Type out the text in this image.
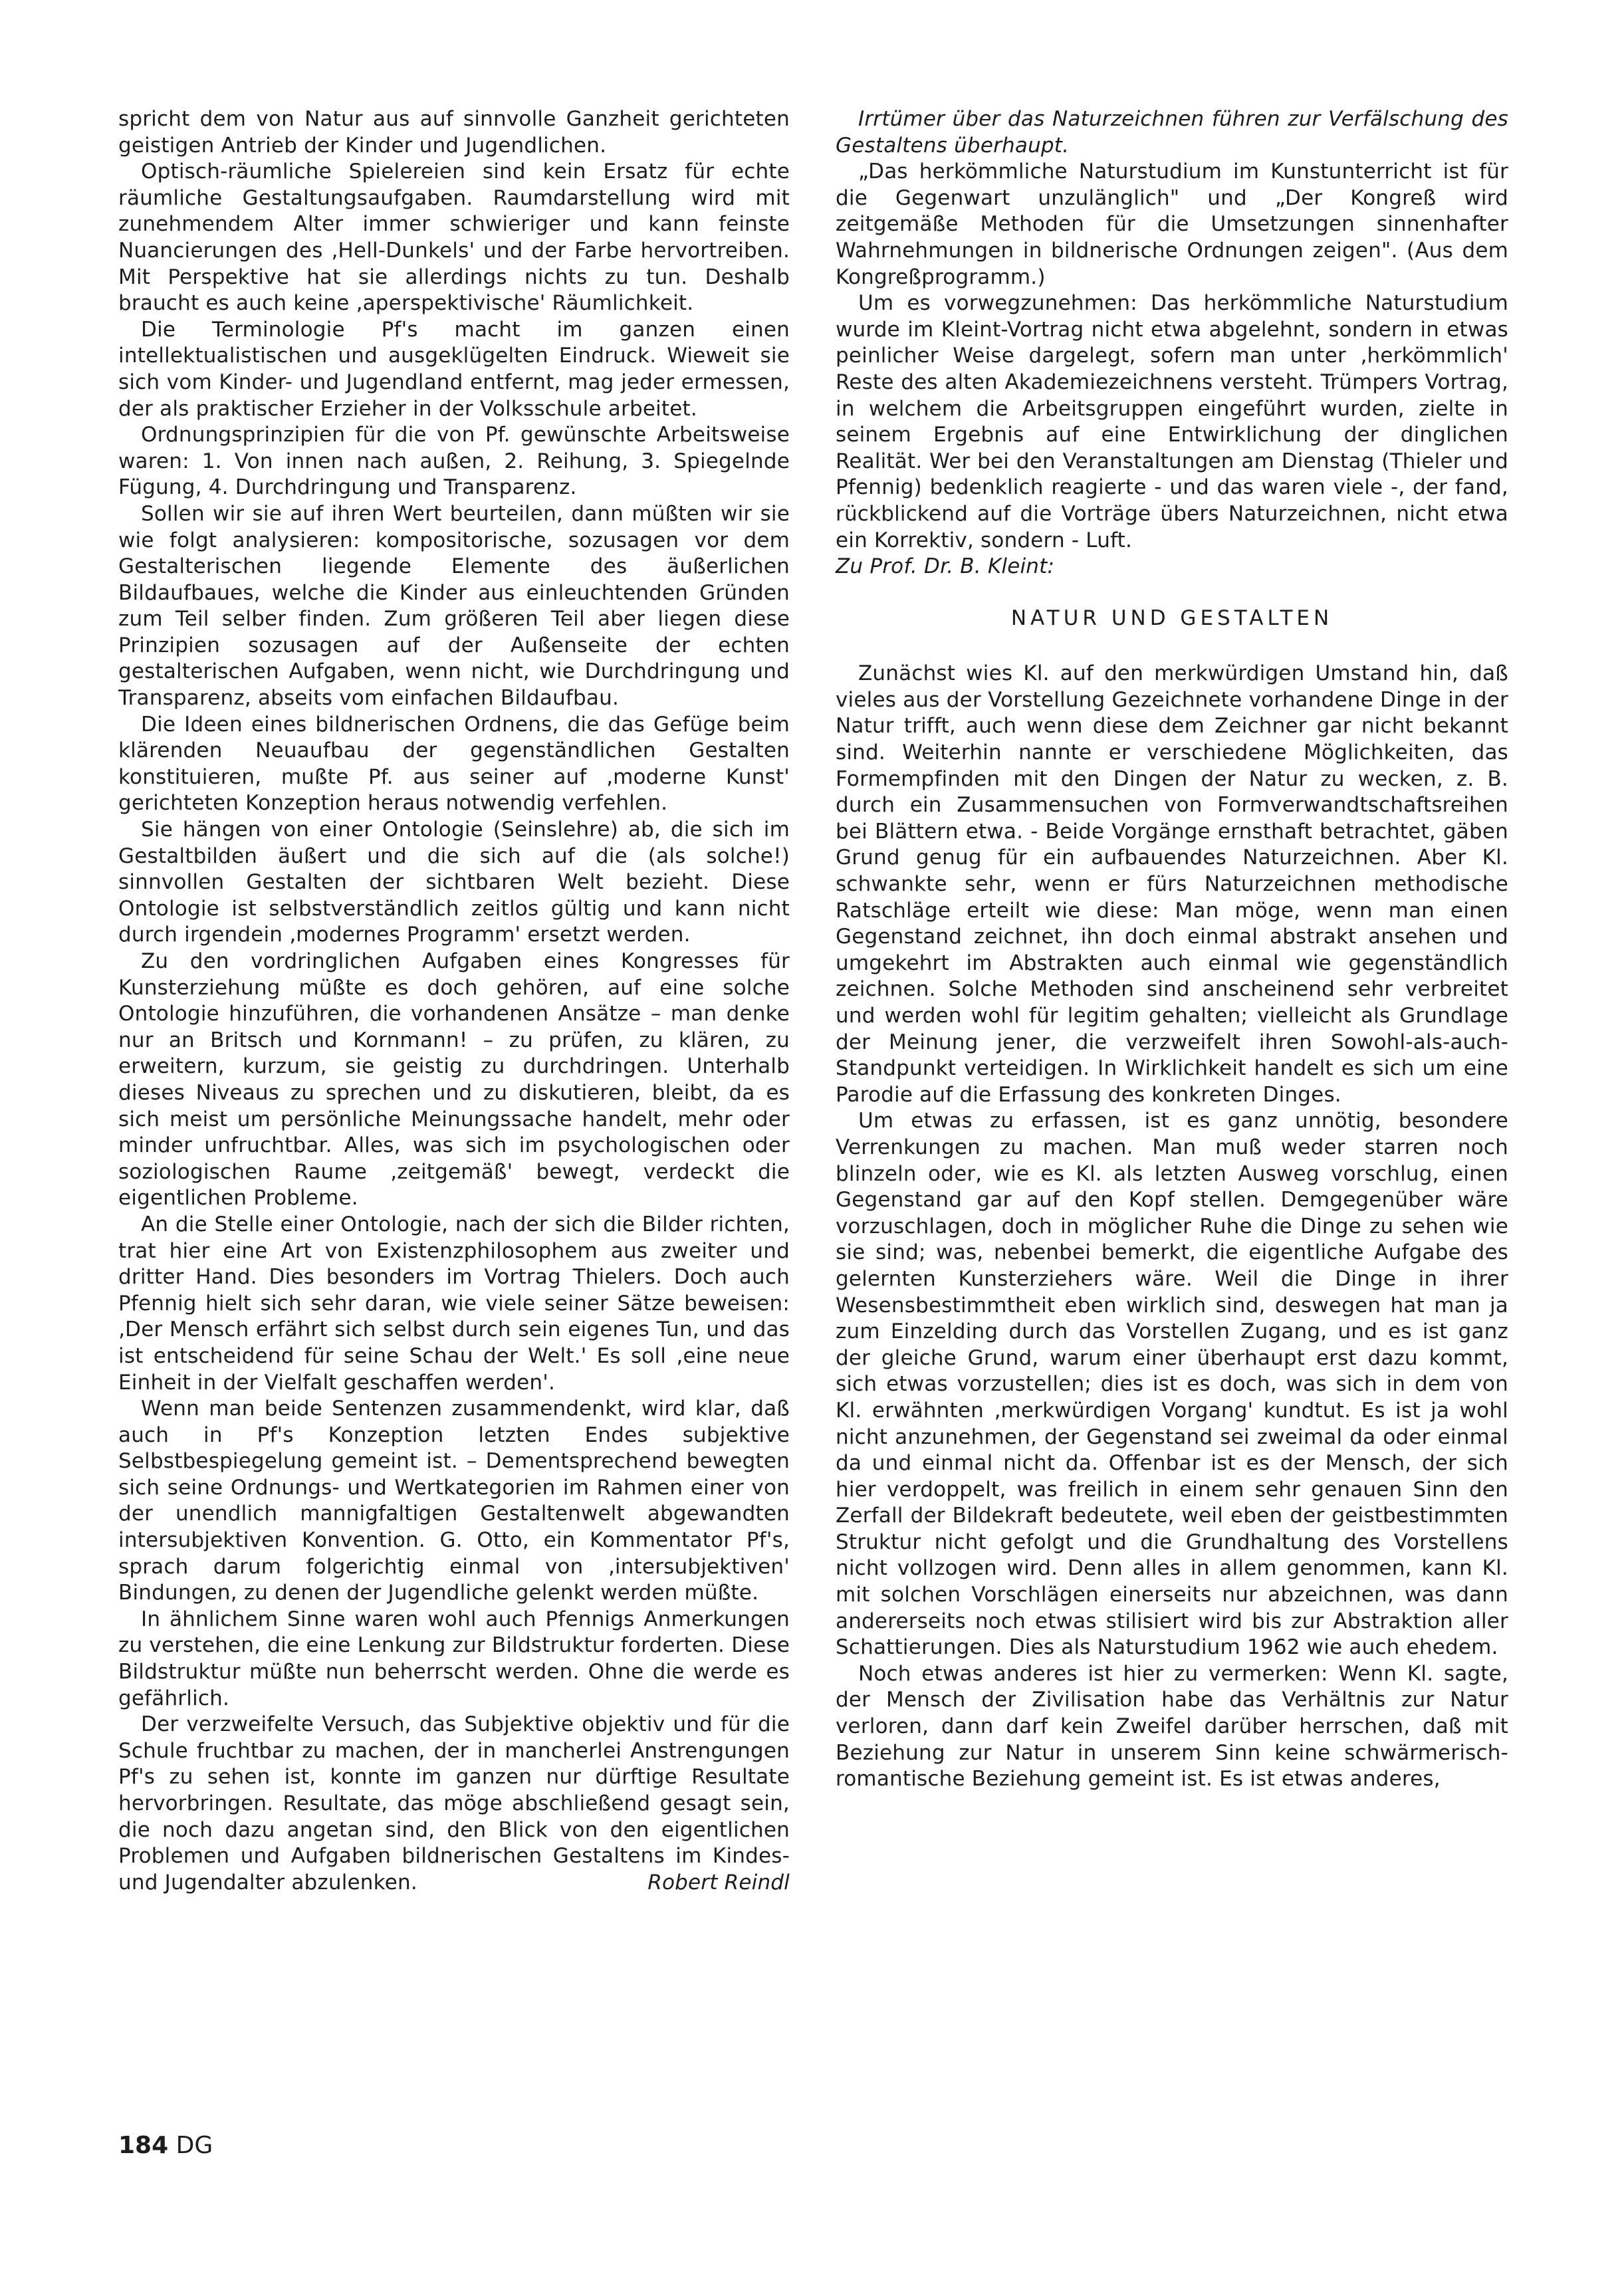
spricht dem von Natur aus auf sinnvolle Ganzheit gerichteten geistigen Antrieb der Kinder und Jugendlichen.

Optisch-räumliche Spielereien sind kein Ersatz für echte räumliche Gestaltungsaufgaben. Raumdarstellung wird mit zunehmendem Alter immer schwieriger und kann feinste Nuancierungen des ‚Hell-Dunkels' und der Farbe hervortreiben. Mit Perspektive hat sie allerdings nichts zu tun. Deshalb braucht es auch keine ‚aperspektivische' Räumlichkeit.

Die Terminologie Pf's macht im ganzen einen intellektualistischen und ausgeklügelten Eindruck. Wieweit sie sich vom Kinder- und Jugendland entfernt, mag jeder ermessen, der als praktischer Erzieher in der Volksschule arbeitet.

Ordnungsprinzipien für die von Pf. gewünschte Arbeitsweise waren: 1. Von innen nach außen, 2. Reihung, 3. Spiegelnde Fügung, 4. Durchdringung und Transparenz.

Sollen wir sie auf ihren Wert beurteilen, dann müßten wir sie wie folgt analysieren: kompositorische, sozusagen vor dem Gestalterischen liegende Elemente des äußerlichen Bildaufbaues, welche die Kinder aus einleuchtenden Gründen zum Teil selber finden. Zum größeren Teil aber liegen diese Prinzipien sozusagen auf der Außenseite der echten gestalterischen Aufgaben, wenn nicht, wie Durchdringung und Transparenz, abseits vom einfachen Bildaufbau.

Die Ideen eines bildnerischen Ordnens, die das Gefüge beim klärenden Neuaufbau der gegenständlichen Gestalten konstituieren, mußte Pf. aus seiner auf ‚moderne Kunst' gerichteten Konzeption heraus notwendig verfehlen.

Sie hängen von einer Ontologie (Seinslehre) ab, die sich im Gestaltbilden äußert und die sich auf die (als solche!) sinnvollen Gestalten der sichtbaren Welt bezieht. Diese Ontologie ist selbstverständlich zeitlos gültig und kann nicht durch irgendein ‚modernes Programm' ersetzt werden.

Zu den vordringlichen Aufgaben eines Kongresses für Kunsterziehung müßte es doch gehören, auf eine solche Ontologie hinzuführen, die vorhandenen Ansätze – man denke nur an Britsch und Kornmann! – zu prüfen, zu klären, zu erweitern, kurzum, sie geistig zu durchdringen. Unterhalb dieses Niveaus zu sprechen und zu diskutieren, bleibt, da es sich meist um persönliche Meinungssache handelt, mehr oder minder unfruchtbar. Alles, was sich im psychologischen oder soziologischen Raume ‚zeitgemäß' bewegt, verdeckt die eigentlichen Probleme.

An die Stelle einer Ontologie, nach der sich die Bilder richten, trat hier eine Art von Existenzphilosophem aus zweiter und dritter Hand. Dies besonders im Vortrag Thielers. Doch auch Pfennig hielt sich sehr daran, wie viele seiner Sätze beweisen: ‚Der Mensch erfährt sich selbst durch sein eigenes Tun, und das ist entscheidend für seine Schau der Welt.' Es soll ‚eine neue Einheit in der Vielfalt geschaffen werden'.

Wenn man beide Sentenzen zusammendenkt, wird klar, daß auch in Pf's Konzeption letzten Endes subjektive Selbstbespiegelung gemeint ist. – Dementsprechend bewegten sich seine Ordnungs- und Wertkategorien im Rahmen einer von der unendlich mannigfaltigen Gestaltenwelt abgewandten intersubjektiven Konvention. G. Otto, ein Kommentator Pf's, sprach darum folgerichtig einmal von ‚intersubjektiven' Bindungen, zu denen der Jugendliche gelenkt werden müßte.

In ähnlichem Sinne waren wohl auch Pfennigs Anmerkungen zu verstehen, die eine Lenkung zur Bildstruktur forderten. Diese Bildstruktur müßte nun beherrscht werden. Ohne die werde es gefährlich.

Der verzweifelte Versuch, das Subjektive objektiv und für die Schule fruchtbar zu machen, der in mancherlei Anstrengungen Pf's zu sehen ist, konnte im ganzen nur dürftige Resultate hervorbringen. Resultate, das möge abschließend gesagt sein, die noch dazu angetan sind, den Blick von den eigentlichen Problemen und Aufgaben bildnerischen Gestaltens im Kindes- und Jugendalter abzulenken.	Robert Reindl

Irrtümer über das Naturzeichnen führen zur Verfälschung des Gestaltens überhaupt.

„Das herkömmliche Naturstudium im Kunstunterricht ist für die Gegenwart unzulänglich" und „Der Kongreß wird zeitgemäße Methoden für die Umsetzungen sinnenhafter Wahrnehmungen in bildnerische Ordnungen zeigen". (Aus dem Kongreßprogramm.)

Um es vorwegzunehmen: Das herkömmliche Naturstudium wurde im Kleint-Vortrag nicht etwa abgelehnt, sondern in etwas peinlicher Weise dargelegt, sofern man unter ‚herkömmlich' Reste des alten Akademiezeichnens versteht. Trümpers Vortrag, in welchem die Arbeitsgruppen eingeführt wurden, zielte in seinem Ergebnis auf eine Entwirklichung der dinglichen Realität. Wer bei den Veranstaltungen am Dienstag (Thieler und Pfennig) bedenklich reagierte - und das waren viele -, der fand, rückblickend auf die Vorträge übers Naturzeichnen, nicht etwa ein Korrektiv, sondern - Luft.

Zu Prof. Dr. B. Kleint:

NATUR UND GESTALTEN

Zunächst wies Kl. auf den merkwürdigen Umstand hin, daß vieles aus der Vorstellung Gezeichnete vorhandene Dinge in der Natur trifft, auch wenn diese dem Zeichner gar nicht bekannt sind. Weiterhin nannte er verschiedene Möglichkeiten, das Formempfinden mit den Dingen der Natur zu wecken, z. B. durch ein Zusammensuchen von Formverwandtschaftsreihen bei Blättern etwa. - Beide Vorgänge ernsthaft betrachtet, gäben Grund genug für ein aufbauendes Naturzeichnen. Aber Kl. schwankte sehr, wenn er fürs Naturzeichnen methodische Ratschläge erteilt wie diese: Man möge, wenn man einen Gegenstand zeichnet, ihn doch einmal abstrakt ansehen und umgekehrt im Abstrakten auch einmal wie gegenständlich zeichnen. Solche Methoden sind anscheinend sehr verbreitet und werden wohl für legitim gehalten; vielleicht als Grundlage der Meinung jener, die verzweifelt ihren Sowohl-als-auch-Standpunkt verteidigen. In Wirklichkeit handelt es sich um eine Parodie auf die Erfassung des konkreten Dinges.

Um etwas zu erfassen, ist es ganz unnötig, besondere Verrenkungen zu machen. Man muß weder starren noch blinzeln oder, wie es Kl. als letzten Ausweg vorschlug, einen Gegenstand gar auf den Kopf stellen. Demgegenüber wäre vorzuschlagen, doch in möglicher Ruhe die Dinge zu sehen wie sie sind; was, nebenbei bemerkt, die eigentliche Aufgabe des gelernten Kunsterziehers wäre. Weil die Dinge in ihrer Wesensbestimmtheit eben wirklich sind, deswegen hat man ja zum Einzelding durch das Vorstellen Zugang, und es ist ganz der gleiche Grund, warum einer überhaupt erst dazu kommt, sich etwas vorzustellen; dies ist es doch, was sich in dem von Kl. erwähnten ‚merkwürdigen Vorgang' kundtut. Es ist ja wohl nicht anzunehmen, der Gegenstand sei zweimal da oder einmal da und einmal nicht da. Offenbar ist es der Mensch, der sich hier verdoppelt, was freilich in einem sehr genauen Sinn den Zerfall der Bildekraft bedeutete, weil eben der geistbestimmten Struktur nicht gefolgt und die Grundhaltung des Vorstellens nicht vollzogen wird. Denn alles in allem genommen, kann Kl. mit solchen Vorschlägen einerseits nur abzeichnen, was dann andererseits noch etwas stilisiert wird bis zur Abstraktion aller Schattierungen. Dies als Naturstudium 1962 wie auch ehedem.

Noch etwas anderes ist hier zu vermerken: Wenn Kl. sagte, der Mensch der Zivilisation habe das Verhältnis zur Natur verloren, dann darf kein Zweifel darüber herrschen, daß mit Beziehung zur Natur in unserem Sinn keine schwärmerisch-romantische Beziehung gemeint ist. Es ist etwas anderes,

184 DG
